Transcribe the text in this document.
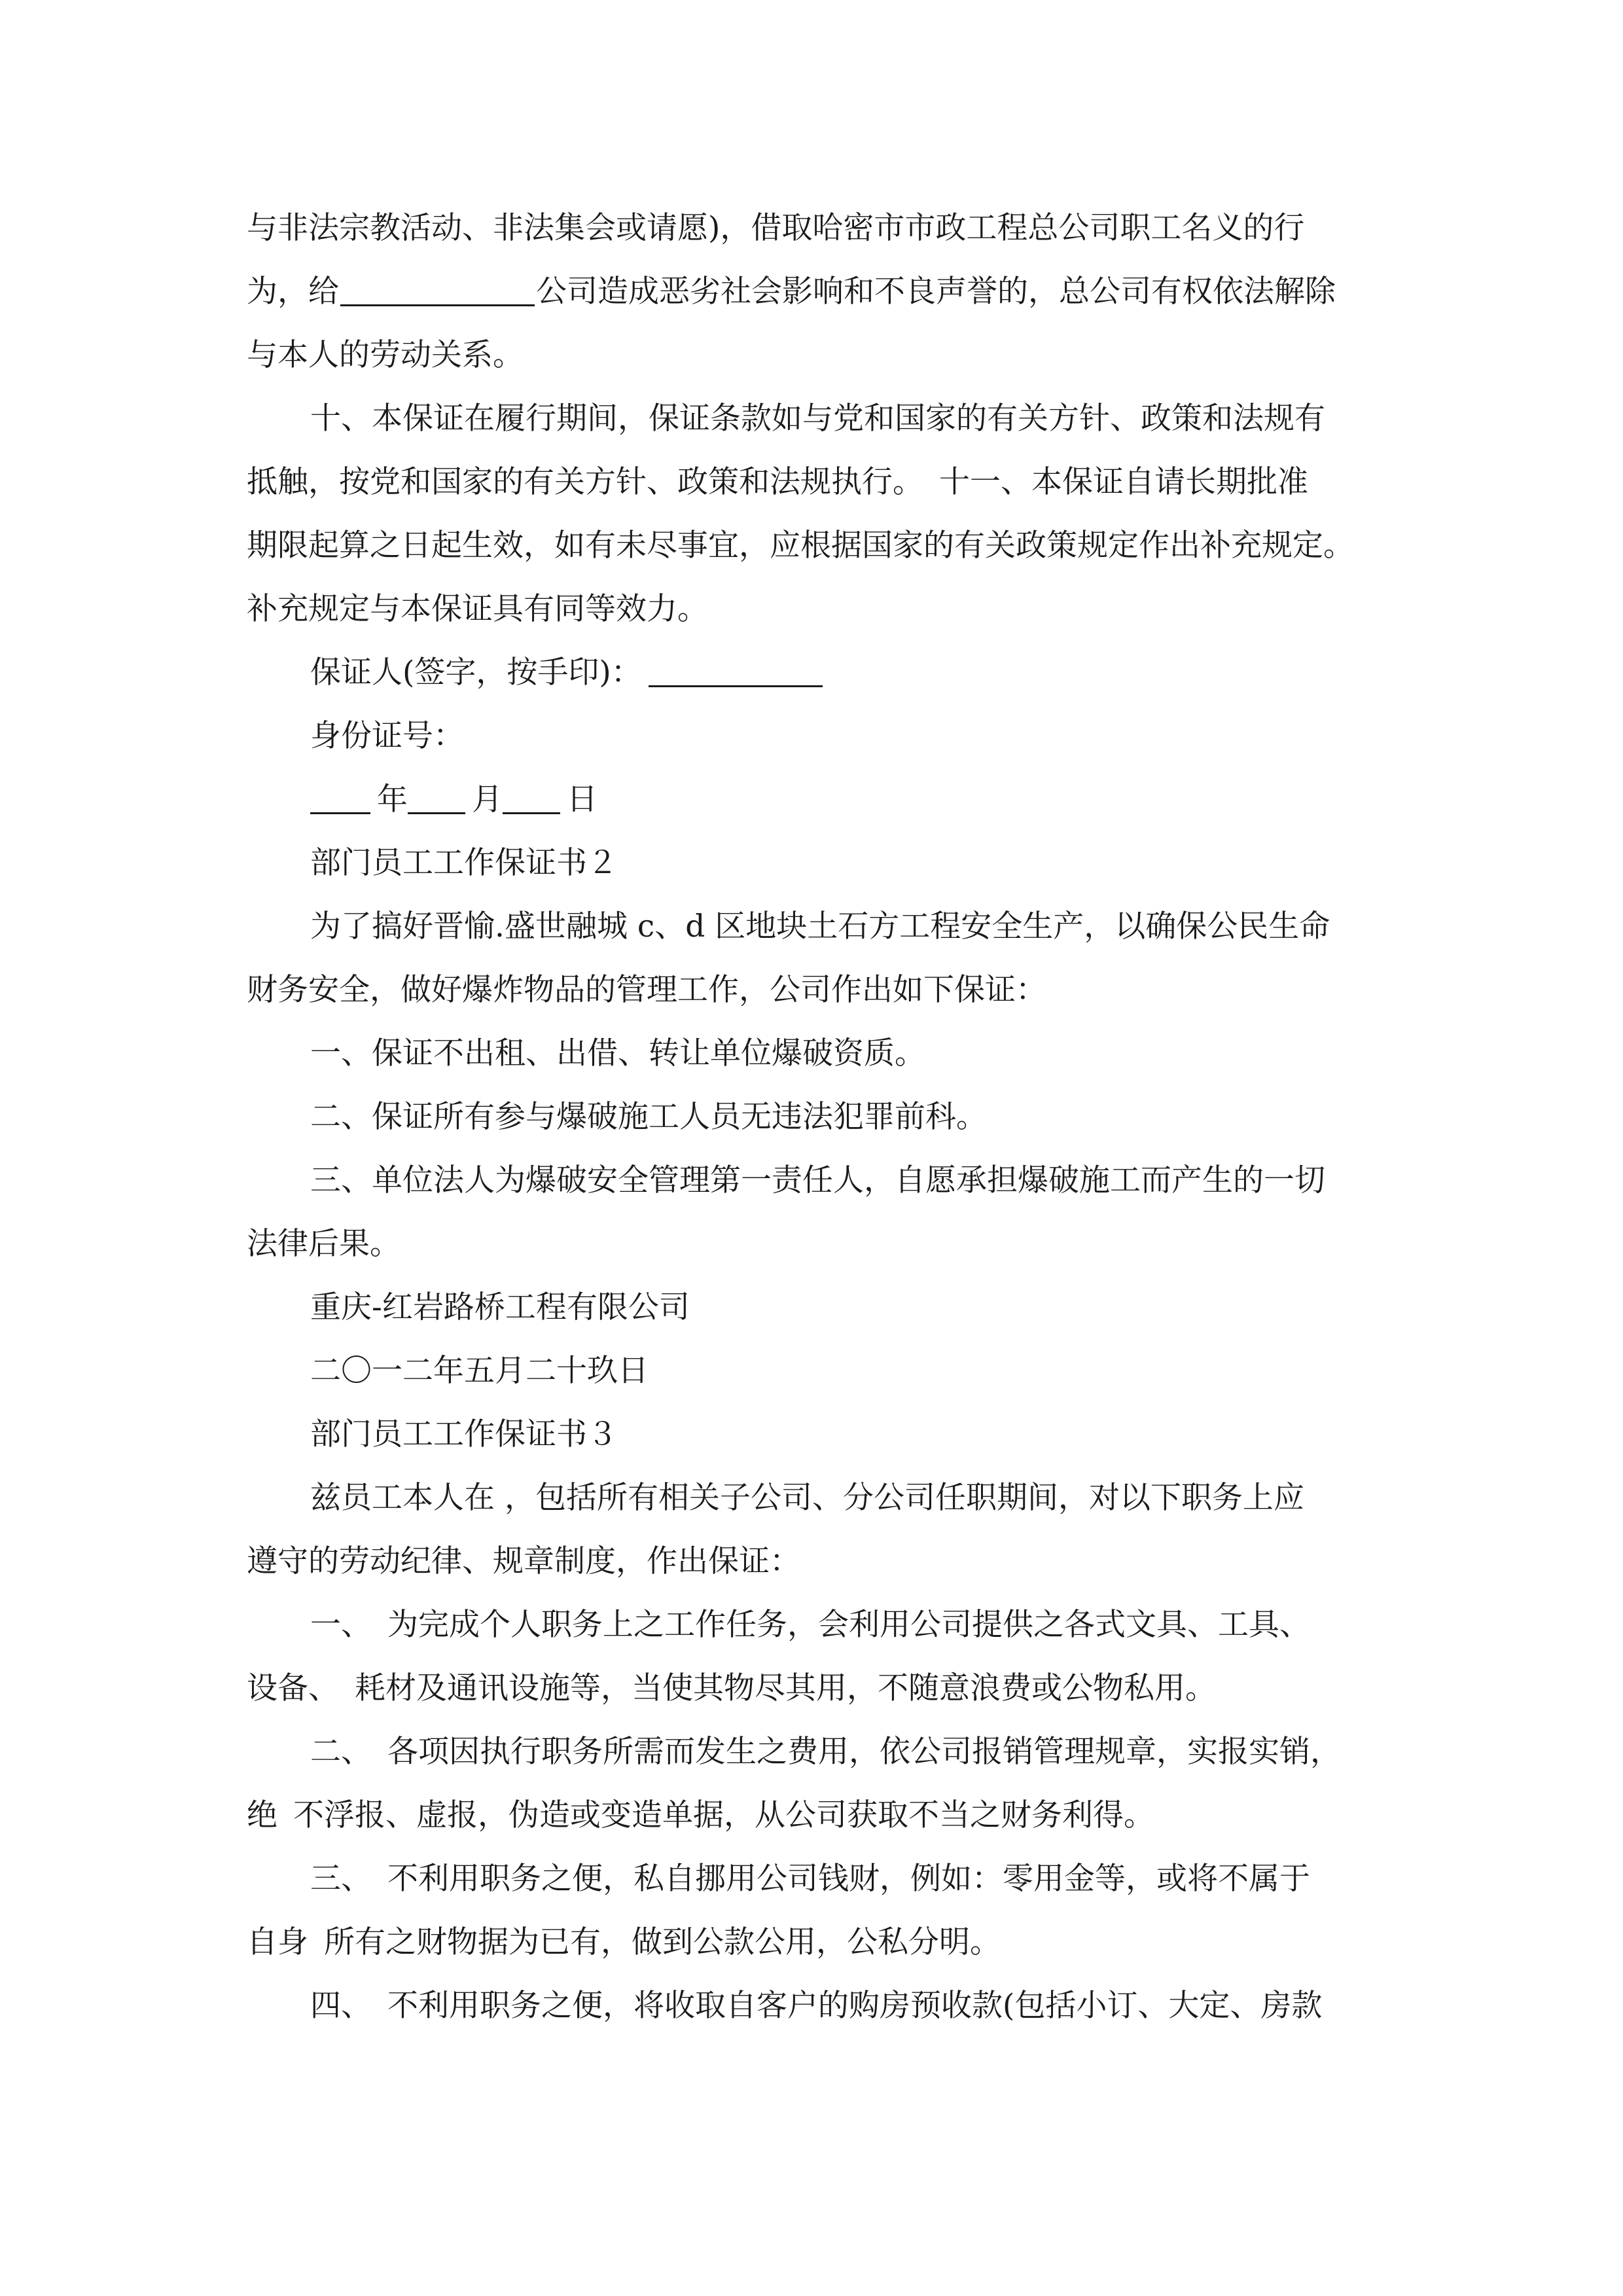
与非法宗教活动、非法集会或请愿)，借取哈密市市政工程总公司职工名义的行
为，给	公司造成恶劣社会影响和不良声誉的，总公司有权依法解除
与本人的劳动关系。
十、本保证在履行期间，保证条款如与党和国家的有关方针、政策和法规有
抵触，按党和国家的有关方针、政策和法规执行。 十一、本保证自请长期批准
期限起算之日起生效，如有未尽事宜，应根据国家的有关政策规定作出补充规定。
补充规定与本保证具有同等效力。
保证人(签字，按手印)：
身份证号：
年 月 日
部门员工工作保证书２
为了搞好晋愉.盛世融城 c、d 区地块土石方工程安全生产，以确保公民生命
财务安全，做好爆炸物品的管理工作，公司作出如下保证：
一、保证不出租、出借、转让单位爆破资质。
二、保证所有参与爆破施工人员无违法犯罪前科。
三、单位法人为爆破安全管理第一责任人，自愿承担爆破施工而产生的一切
法律后果。
重庆-红岩路桥工程有限公司
二〇一二年五月二十玖日
部门员工工作保证书３
兹员工本人在 ，包括所有相关子公司、分公司任职期间，对以下职务上应
遵守的劳动纪律、规章制度，作出保证：
一、 为完成个人职务上之工作任务，会利用公司提供之各式文具、工具、
设备、 耗材及通讯设施等，当使其物尽其用，不随意浪费或公物私用。
二、 各项因执行职务所需而发生之费用，依公司报销管理规章，实报实销，
绝 不浮报、虚报，伪造或变造单据，从公司获取不当之财务利得。
三、 不利用职务之便，私自挪用公司钱财，例如：零用金等，或将不属于
自身 所有之财物据为已有，做到公款公用，公私分明。
四、 不利用职务之便，将收取自客户的购房预收款(包括小订、大定、房款
